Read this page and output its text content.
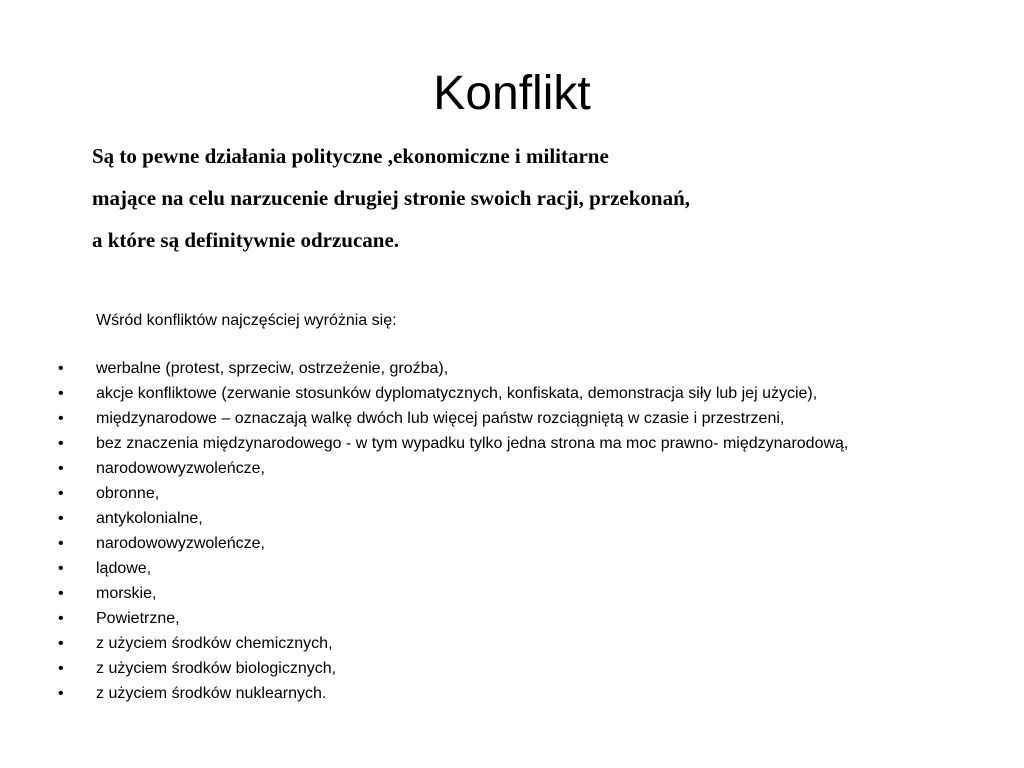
Konflikt
Są to pewne działania polityczne ,ekonomiczne i militarne
mające na celu narzucenie drugiej stronie swoich racji, przekonań,
a które są definitywnie odrzucane.
Wśród konfliktów najczęściej wyróżnia się:
• werbalne (protest, sprzeciw, ostrzeżenie, groźba),
• akcje konfliktowe (zerwanie stosunków dyplomatycznych, konfiskata, demonstracja siły lub jej użycie),
• międzynarodowe – oznaczają walkę dwóch lub więcej państw rozciągniętą w czasie i przestrzeni,
• bez znaczenia międzynarodowego - w tym wypadku tylko jedna strona ma moc prawno- międzynarodową,
• narodowowyzwoleńcze,
• obronne,
• antykolonialne,
• narodowowyzwoleńcze,
• lądowe,
• morskie,
• Powietrzne,
• z użyciem środków chemicznych,
• z użyciem środków biologicznych,
• z użyciem środków nuklearnych.
